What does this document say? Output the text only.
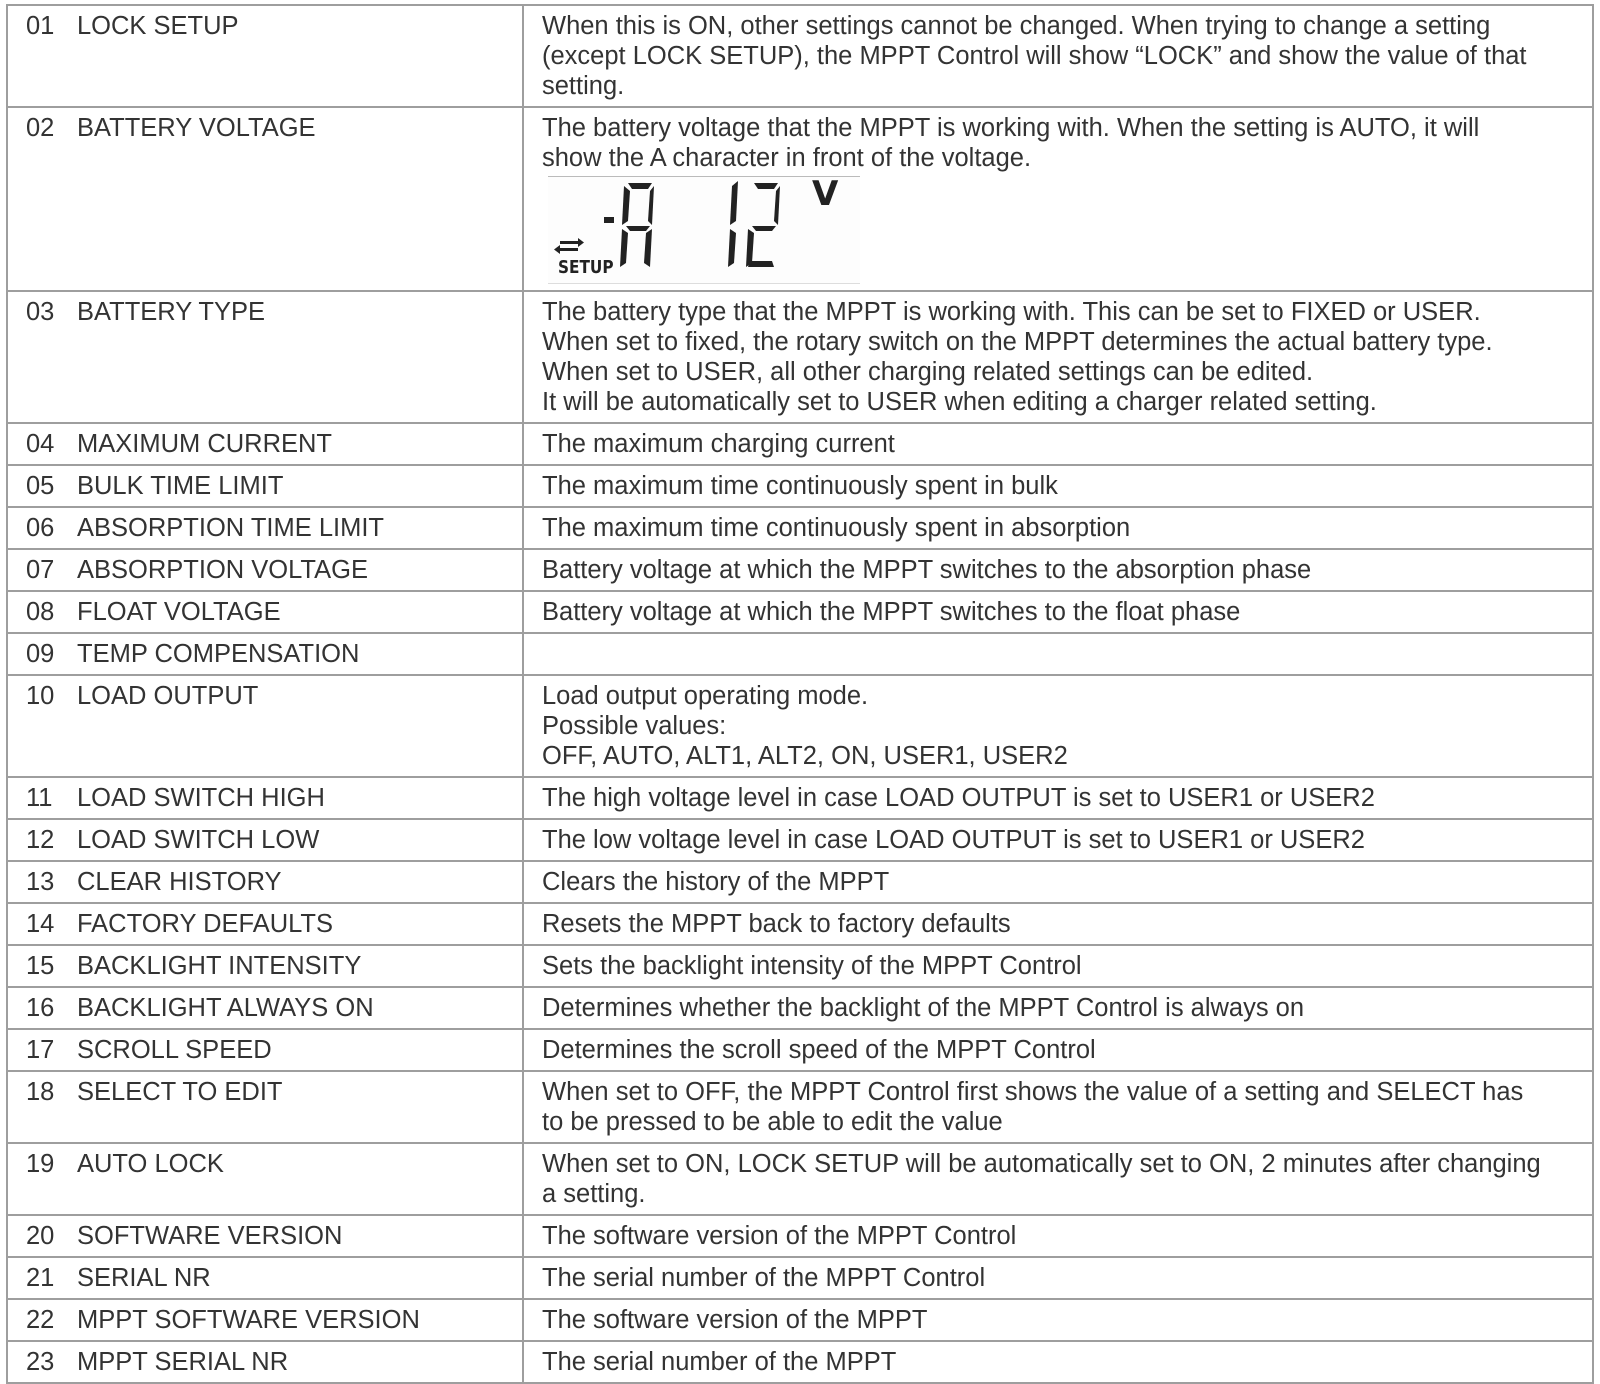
01 LOCK SETUP	When this is ON, other settings cannot be changed. When trying to change a setting
(except LOCK SETUP), the MPPT Control will show “LOCK” and show the value of that
setting.

02 BATTERY VOLTAGE	The battery voltage that the MPPT is working with. When the setting is AUTO, it will
show the A character in front of the voltage.
V
SETUP

03 BATTERY TYPE	The battery type that the MPPT is working with. This can be set to FIXED or USER.
When set to fixed, the rotary switch on the MPPT determines the actual battery type.
When set to USER, all other charging related settings can be edited.
It will be automatically set to USER when editing a charger related setting.

04 MAXIMUM CURRENT	The maximum charging current

05 BULK TIME LIMIT	The maximum time continuously spent in bulk

06 ABSORPTION TIME LIMIT	The maximum time continuously spent in absorption

07 ABSORPTION VOLTAGE	Battery voltage at which the MPPT switches to the absorption phase

08 FLOAT VOLTAGE	Battery voltage at which the MPPT switches to the float phase

09 TEMP COMPENSATION	
10 LOAD OUTPUT	Load output operating mode.
Possible values:
OFF, AUTO, ALT1, ALT2, ON, USER1, USER2

11 LOAD SWITCH HIGH	The high voltage level in case LOAD OUTPUT is set to USER1 or USER2

12 LOAD SWITCH LOW	The low voltage level in case LOAD OUTPUT is set to USER1 or USER2

13 CLEAR HISTORY	Clears the history of the MPPT

14 FACTORY DEFAULTS	Resets the MPPT back to factory defaults

15 BACKLIGHT INTENSITY	Sets the backlight intensity of the MPPT Control

16 BACKLIGHT ALWAYS ON	Determines whether the backlight of the MPPT Control is always on

17 SCROLL SPEED	Determines the scroll speed of the MPPT Control

18 SELECT TO EDIT	When set to OFF, the MPPT Control first shows the value of a setting and SELECT has
to be pressed to be able to edit the value

19 AUTO LOCK	When set to ON, LOCK SETUP will be automatically set to ON, 2 minutes after changing
a setting.

20 SOFTWARE VERSION	The software version of the MPPT Control

21 SERIAL NR	The serial number of the MPPT Control

22 MPPT SOFTWARE VERSION	The software version of the MPPT

23 MPPT SERIAL NR	The serial number of the MPPT
